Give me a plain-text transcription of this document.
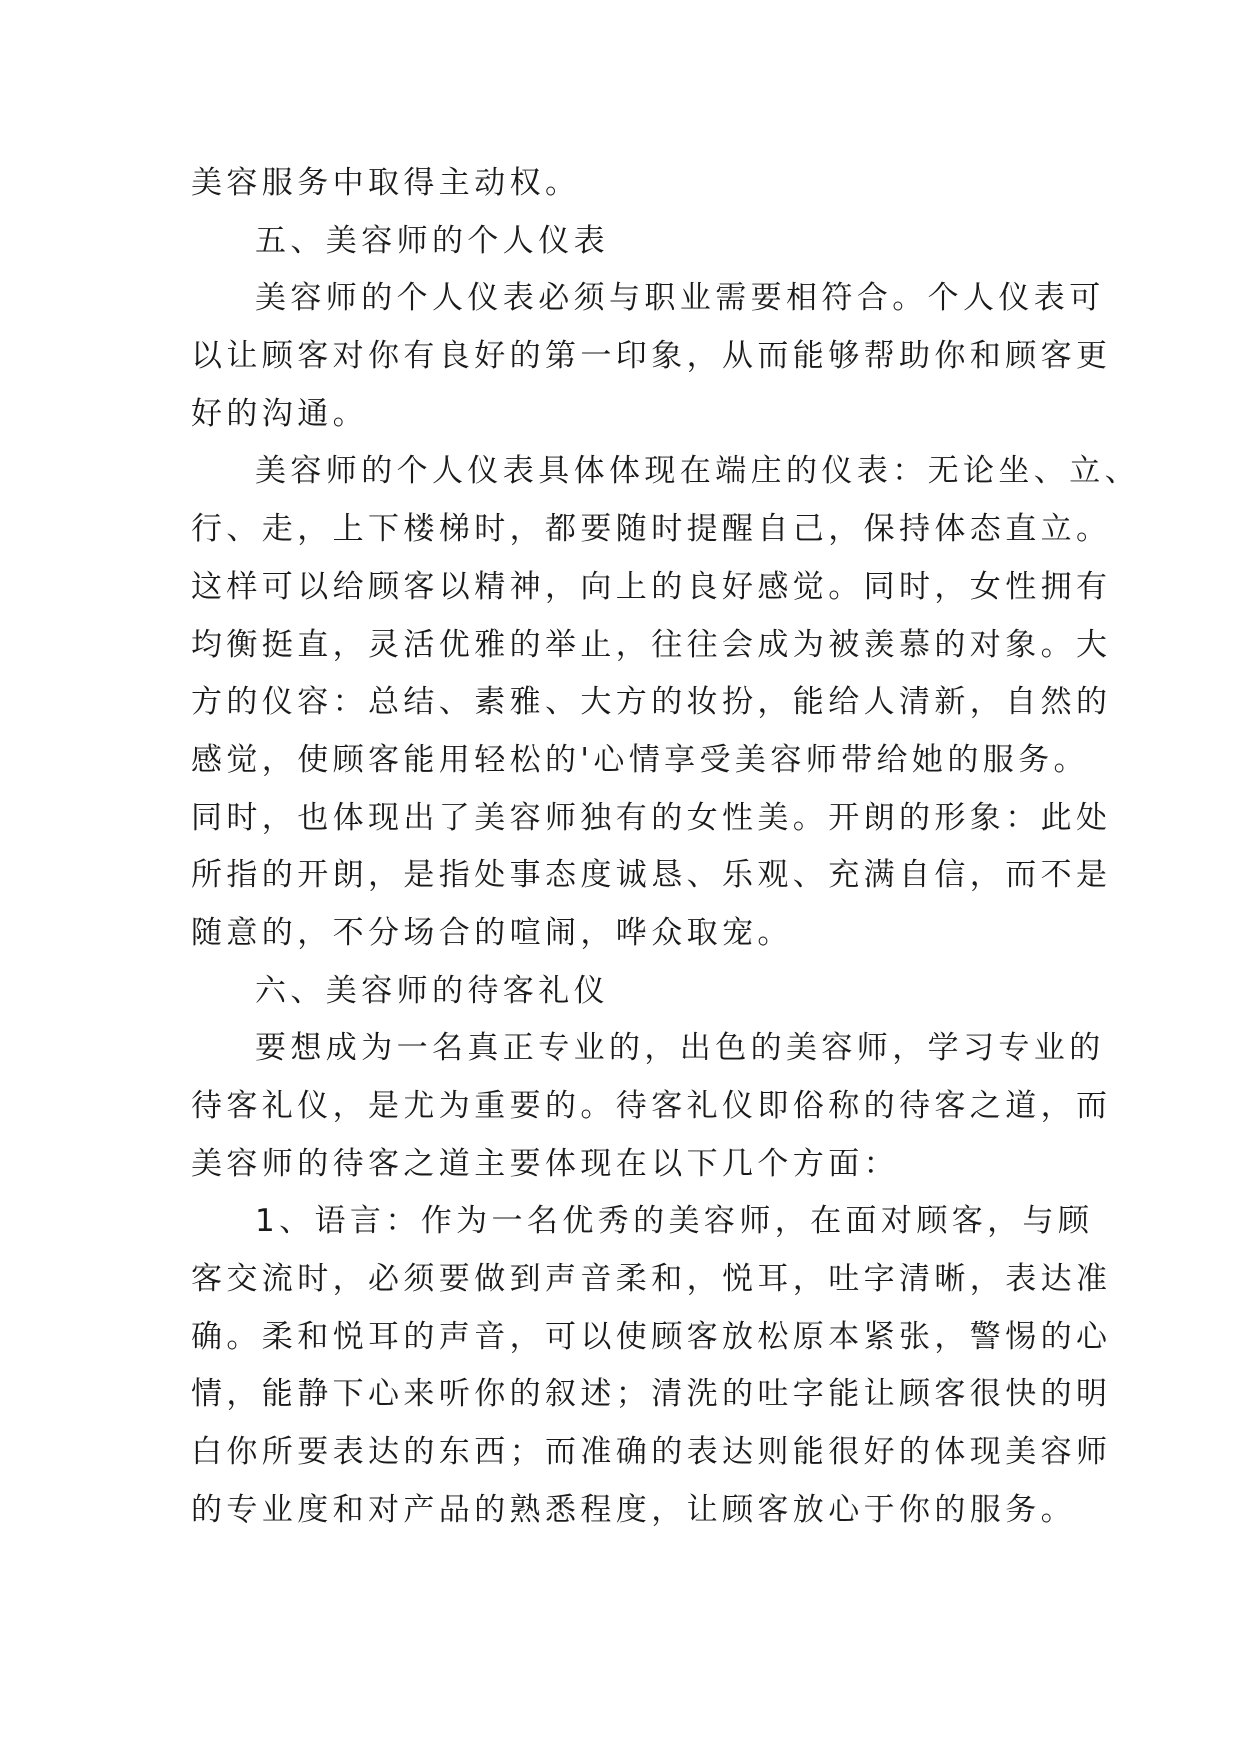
美容服务中取得主动权。
五、美容师的个人仪表
美容师的个人仪表必须与职业需要相符合。个人仪表可
以让顾客对你有良好的第一印象，从而能够帮助你和顾客更
好的沟通。
美容师的个人仪表具体体现在端庄的仪表：无论坐、立、
行、走，上下楼梯时，都要随时提醒自己，保持体态直立。
这样可以给顾客以精神，向上的良好感觉。同时，女性拥有
均衡挺直，灵活优雅的举止，往往会成为被羡慕的对象。大
方的仪容：总结、素雅、大方的妆扮，能给人清新，自然的
感觉，使顾客能用轻松的'心情享受美容师带给她的服务。
同时，也体现出了美容师独有的女性美。开朗的形象：此处
所指的开朗，是指处事态度诚恳、乐观、充满自信，而不是
随意的，不分场合的喧闹，哗众取宠。
六、美容师的待客礼仪
要想成为一名真正专业的，出色的美容师，学习专业的
待客礼仪，是尤为重要的。待客礼仪即俗称的待客之道，而
美容师的待客之道主要体现在以下几个方面：
1、语言：作为一名优秀的美容师，在面对顾客，与顾
客交流时，必须要做到声音柔和，悦耳，吐字清晰，表达准
确。柔和悦耳的声音，可以使顾客放松原本紧张，警惕的心
情，能静下心来听你的叙述；清洗的吐字能让顾客很快的明
白你所要表达的东西；而准确的表达则能很好的体现美容师
的专业度和对产品的熟悉程度，让顾客放心于你的服务。
